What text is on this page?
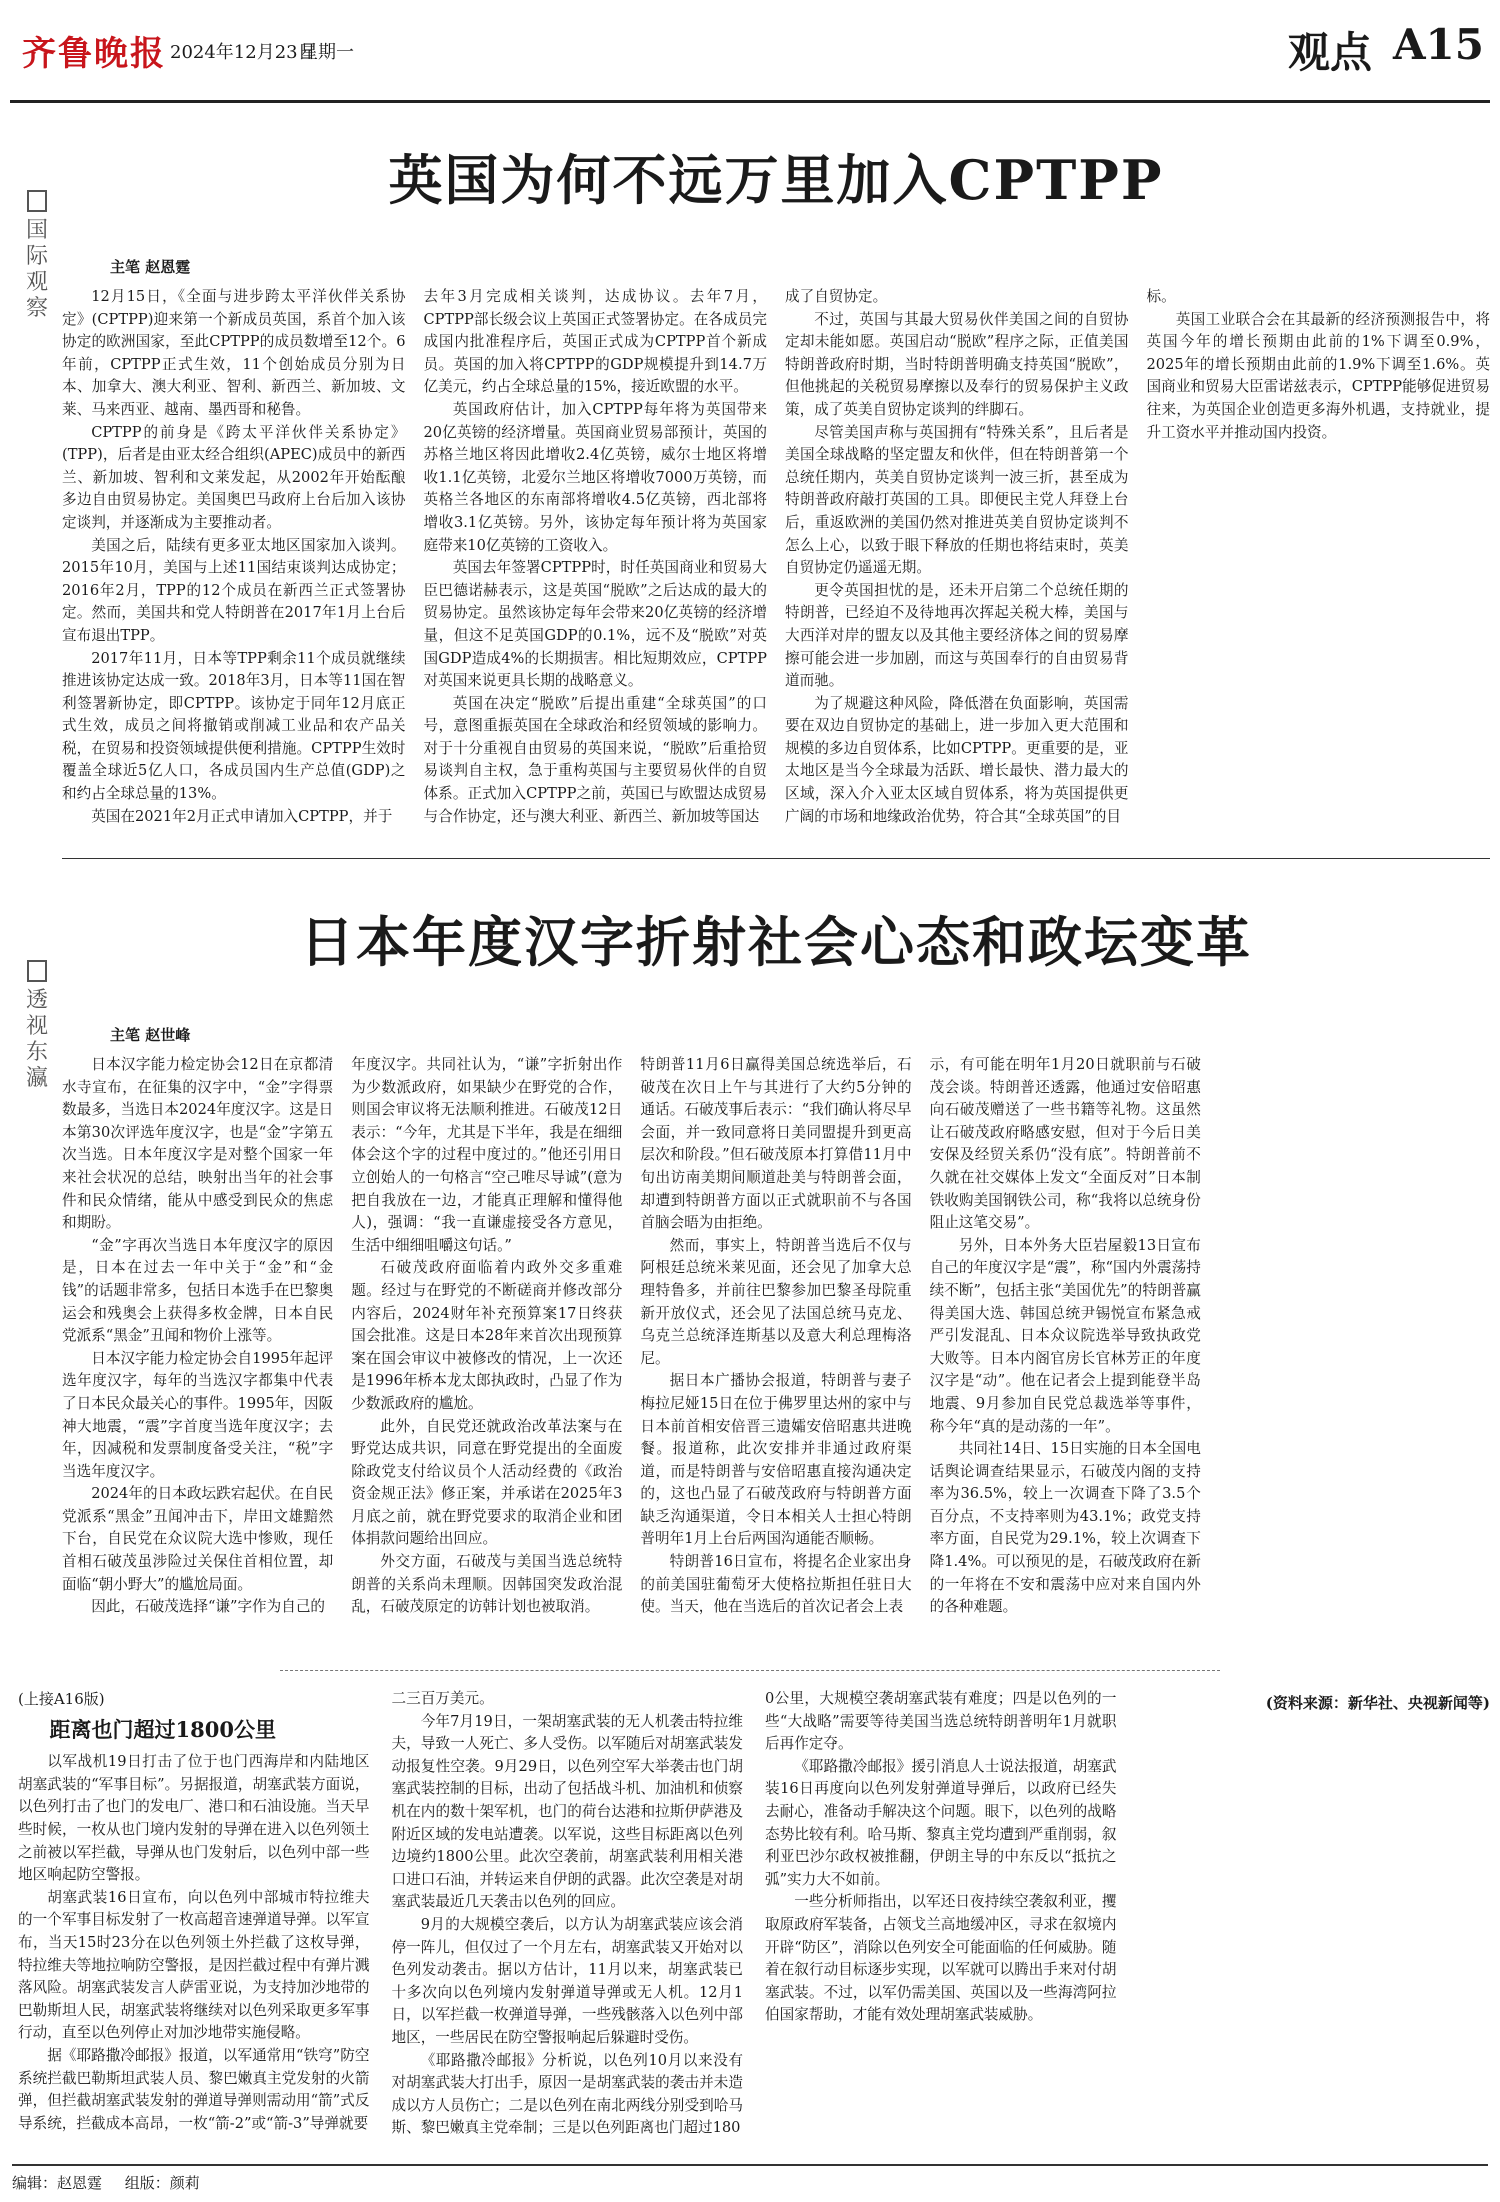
齐鲁晚报 2024年12月23日
星期一	观点 A15
国
际
观
察
英国为何不远万里加入CPTPP
主笔 赵恩霆

12月15日，《全面与进步跨太平洋伙伴关系协定》(CPTPP)迎来第一个新成员英国，系首个加入该协定的欧洲国家，至此CPTPP的成员数增至12个。6年前，CPTPP正式生效，11个创始成员分别为日本、加拿大、澳大利亚、智利、新西兰、新加坡、文莱、马来西亚、越南、墨西哥和秘鲁。

CPTPP的前身是《跨太平洋伙伴关系协定》(TPP)，后者是由亚太经合组织(APEC)成员中的新西兰、新加坡、智利和文莱发起，从2002年开始酝酿多边自由贸易协定。美国奥巴马政府上台后加入该协定谈判，并逐渐成为主要推动者。

美国之后，陆续有更多亚太地区国家加入谈判。2015年10月，美国与上述11国结束谈判达成协定；2016年2月，TPP的12个成员在新西兰正式签署协定。然而，美国共和党人特朗普在2017年1月上台后宣布退出TPP。

2017年11月，日本等TPP剩余11个成员就继续推进该协定达成一致。2018年3月，日本等11国在智利签署新协定，即CPTPP。该协定于同年12月底正式生效，成员之间将撤销或削减工业品和农产品关税，在贸易和投资领域提供便利措施。CPTPP生效时覆盖全球近5亿人口，各成员国内生产总值(GDP)之和约占全球总量的13%。

英国在2021年2月正式申请加入CPTPP，并于

去年3月完成相关谈判，达成协议。去年7月，CPTPP部长级会议上英国正式签署协定。在各成员完成国内批准程序后，英国正式成为CPTPP首个新成员。英国的加入将CPTPP的GDP规模提升到14.7万亿美元，约占全球总量的15%，接近欧盟的水平。

英国政府估计，加入CPTPP每年将为英国带来20亿英镑的经济增量。英国商业贸易部预计，英国的苏格兰地区将因此增收2.4亿英镑，威尔士地区将增收1.1亿英镑，北爱尔兰地区将增收7000万英镑，而英格兰各地区的东南部将增收4.5亿英镑，西北部将增收3.1亿英镑。另外，该协定每年预计将为英国家庭带来10亿英镑的工资收入。

英国去年签署CPTPP时，时任英国商业和贸易大臣巴德诺赫表示，这是英国“脱欧”之后达成的最大的贸易协定。虽然该协定每年会带来20亿英镑的经济增量，但这不足英国GDP的0.1%，远不及“脱欧”对英国GDP造成4%的长期损害。相比短期效应，CPTPP对英国来说更具长期的战略意义。

英国在决定“脱欧”后提出重建“全球英国”的口号，意图重振英国在全球政治和经贸领域的影响力。对于十分重视自由贸易的英国来说，“脱欧”后重拾贸易谈判自主权，急于重构英国与主要贸易伙伴的自贸体系。正式加入CPTPP之前，英国已与欧盟达成贸易与合作协定，还与澳大利亚、新西兰、新加坡等国达

成了自贸协定。

不过，英国与其最大贸易伙伴美国之间的自贸协定却未能如愿。英国启动“脱欧”程序之际，正值美国特朗普政府时期，当时特朗普明确支持英国“脱欧”，但他挑起的关税贸易摩擦以及奉行的贸易保护主义政策，成了英美自贸协定谈判的绊脚石。

尽管美国声称与英国拥有“特殊关系”，且后者是美国全球战略的坚定盟友和伙伴，但在特朗普第一个总统任期内，英美自贸协定谈判一波三折，甚至成为特朗普政府敲打英国的工具。即便民主党人拜登上台后，重返欧洲的美国仍然对推进英美自贸协定谈判不怎么上心，以致于眼下释放的任期也将结束时，英美自贸协定仍遥遥无期。

更令英国担忧的是，还未开启第二个总统任期的特朗普，已经迫不及待地再次挥起关税大棒，美国与大西洋对岸的盟友以及其他主要经济体之间的贸易摩擦可能会进一步加剧，而这与英国奉行的自由贸易背道而驰。

为了规避这种风险，降低潜在负面影响，英国需要在双边自贸协定的基础上，进一步加入更大范围和规模的多边自贸体系，比如CPTPP。更重要的是，亚太地区是当今全球最为活跃、增长最快、潜力最大的区域，深入介入亚太区域自贸体系，将为英国提供更广阔的市场和地缘政治优势，符合其“全球英国”的目

标。

英国工业联合会在其最新的经济预测报告中，将英国今年的增长预期由此前的1%下调至0.9%，2025年的增长预期由此前的1.9%下调至1.6%。英国商业和贸易大臣雷诺兹表示，CPTPP能够促进贸易往来，为英国企业创造更多海外机遇，支持就业，提升工资水平并推动国内投资。

透
视
东
瀛
日本年度汉字折射社会心态和政坛变革
主笔 赵世峰

日本汉字能力检定协会12日在京都清水寺宣布，在征集的汉字中，“金”字得票数最多，当选日本2024年度汉字。这是日本第30次评选年度汉字，也是“金”字第五次当选。日本年度汉字是对整个国家一年来社会状况的总结，映射出当年的社会事件和民众情绪，能从中感受到民众的焦虑和期盼。

“金”字再次当选日本年度汉字的原因是，日本在过去一年中关于“金”和“金钱”的话题非常多，包括日本选手在巴黎奥运会和残奥会上获得多枚金牌，日本自民党派系“黑金”丑闻和物价上涨等。

日本汉字能力检定协会自1995年起评选年度汉字，每年的当选汉字都集中代表了日本民众最关心的事件。1995年，因阪神大地震，“震”字首度当选年度汉字；去年，因减税和发票制度备受关注，“税”字当选年度汉字。

2024年的日本政坛跌宕起伏。在自民党派系“黑金”丑闻冲击下，岸田文雄黯然下台，自民党在众议院大选中惨败，现任首相石破茂虽涉险过关保住首相位置，却面临“朝小野大”的尴尬局面。

因此，石破茂选择“谦”字作为自己的

年度汉字。共同社认为，“谦”字折射出作为少数派政府，如果缺少在野党的合作，则国会审议将无法顺利推进。石破茂12日表示：“今年，尤其是下半年，我是在细细体会这个字的过程中度过的。”他还引用日立创始人的一句格言“空己唯尽导诚”(意为把自我放在一边，才能真正理解和懂得他人)，强调：“我一直谦虚接受各方意见，生活中细细咀嚼这句话。”

石破茂政府面临着内政外交多重难题。经过与在野党的不断磋商并修改部分内容后，2024财年补充预算案17日终获国会批准。这是日本28年来首次出现预算案在国会审议中被修改的情况，上一次还是1996年桥本龙太郎执政时，凸显了作为少数派政府的尴尬。

此外，自民党还就政治改革法案与在野党达成共识，同意在野党提出的全面废除政党支付给议员个人活动经费的《政治资金规正法》修正案，并承诺在2025年3月底之前，就在野党要求的取消企业和团体捐款问题给出回应。

外交方面，石破茂与美国当选总统特朗普的关系尚未理顺。因韩国突发政治混乱，石破茂原定的访韩计划也被取消。

特朗普11月6日赢得美国总统选举后，石破茂在次日上午与其进行了大约5分钟的通话。石破茂事后表示：“我们确认将尽早会面，并一致同意将日美同盟提升到更高层次和阶段。”但石破茂原本打算借11月中旬出访南美期间顺道赴美与特朗普会面，却遭到特朗普方面以正式就职前不与各国首脑会晤为由拒绝。

然而，事实上，特朗普当选后不仅与阿根廷总统米莱见面，还会见了加拿大总理特鲁多，并前往巴黎参加巴黎圣母院重新开放仪式，还会见了法国总统马克龙、乌克兰总统泽连斯基以及意大利总理梅洛尼。

据日本广播协会报道，特朗普与妻子梅拉尼娅15日在位于佛罗里达州的家中与日本前首相安倍晋三遗孀安倍昭惠共进晚餐。报道称，此次安排并非通过政府渠道，而是特朗普与安倍昭惠直接沟通决定的，这也凸显了石破茂政府与特朗普方面缺乏沟通渠道，令日本相关人士担心特朗普明年1月上台后两国沟通能否顺畅。

特朗普16日宣布，将提名企业家出身的前美国驻葡萄牙大使格拉斯担任驻日大使。当天，他在当选后的首次记者会上表

示，有可能在明年1月20日就职前与石破茂会谈。特朗普还透露，他通过安倍昭惠向石破茂赠送了一些书籍等礼物。这虽然让石破茂政府略感安慰，但对于今后日美安保及经贸关系仍“没有底”。特朗普前不久就在社交媒体上发文“全面反对”日本制铁收购美国钢铁公司，称“我将以总统身份阻止这笔交易”。

另外，日本外务大臣岩屋毅13日宣布自己的年度汉字是“震”，称“国内外震荡持续不断”，包括主张“美国优先”的特朗普赢得美国大选、韩国总统尹锡悦宣布紧急戒严引发混乱、日本众议院选举导致执政党大败等。日本内阁官房长官林芳正的年度汉字是“动”。他在记者会上提到能登半岛地震、9月参加自民党总裁选举等事件，称今年“真的是动荡的一年”。

共同社14日、15日实施的日本全国电话舆论调查结果显示，石破茂内阁的支持率为36.5%，较上一次调查下降了3.5个百分点，不支持率则为43.1%；政党支持率方面，自民党为29.1%，较上次调查下降1.4%。可以预见的是，石破茂政府在新的一年将在不安和震荡中应对来自国内外的各种难题。

(上接A16版)
距离也门超过1800公里

以军战机19日打击了位于也门西海岸和内陆地区胡塞武装的“军事目标”。另据报道，胡塞武装方面说，以色列打击了也门的发电厂、港口和石油设施。当天早些时候，一枚从也门境内发射的导弹在进入以色列领土之前被以军拦截，导弹从也门发射后，以色列中部一些地区响起防空警报。

胡塞武装16日宣布，向以色列中部城市特拉维夫的一个军事目标发射了一枚高超音速弹道导弹。以军宣布，当天15时23分在以色列领土外拦截了这枚导弹，特拉维夫等地拉响防空警报，是因拦截过程中有弹片溅落风险。胡塞武装发言人萨雷亚说，为支持加沙地带的巴勒斯坦人民，胡塞武装将继续对以色列采取更多军事行动，直至以色列停止对加沙地带实施侵略。

据《耶路撒冷邮报》报道，以军通常用“铁穹”防空系统拦截巴勒斯坦武装人员、黎巴嫩真主党发射的火箭弹，但拦截胡塞武装发射的弹道导弹则需动用“箭”式反导系统，拦截成本高昂，一枚“箭-2”或“箭-3”导弹就要

二三百万美元。

今年7月19日，一架胡塞武装的无人机袭击特拉维夫，导致一人死亡、多人受伤。以军随后对胡塞武装发动报复性空袭。9月29日，以色列空军大举袭击也门胡塞武装控制的目标，出动了包括战斗机、加油机和侦察机在内的数十架军机，也门的荷台达港和拉斯伊萨港及附近区域的发电站遭袭。以军说，这些目标距离以色列边境约1800公里。此次空袭前，胡塞武装利用相关港口进口石油，并转运来自伊朗的武器。此次空袭是对胡塞武装最近几天袭击以色列的回应。

9月的大规模空袭后，以方认为胡塞武装应该会消停一阵儿，但仅过了一个月左右，胡塞武装又开始对以色列发动袭击。据以方估计，11月以来，胡塞武装已十多次向以色列境内发射弹道导弹或无人机。12月1日，以军拦截一枚弹道导弹，一些残骸落入以色列中部地区，一些居民在防空警报响起后躲避时受伤。

《耶路撒冷邮报》分析说，以色列10月以来没有对胡塞武装大打出手，原因一是胡塞武装的袭击并未造成以方人员伤亡；二是以色列在南北两线分别受到哈马斯、黎巴嫩真主党牵制；三是以色列距离也门超过180

0公里，大规模空袭胡塞武装有难度；四是以色列的一些“大战略”需要等待美国当选总统特朗普明年1月就职后再作定夺。

《耶路撒冷邮报》援引消息人士说法报道，胡塞武装16日再度向以色列发射弹道导弹后，以政府已经失去耐心，准备动手解决这个问题。眼下，以色列的战略态势比较有利。哈马斯、黎真主党均遭到严重削弱，叙利亚巴沙尔政权被推翻，伊朗主导的中东反以“抵抗之弧”实力大不如前。

一些分析师指出，以军还日夜持续空袭叙利亚，攫取原政府军装备，占领戈兰高地缓冲区，寻求在叙境内开辟“防区”，消除以色列安全可能面临的任何威胁。随着在叙行动目标逐步实现，以军就可以腾出手来对付胡塞武装。不过，以军仍需美国、英国以及一些海湾阿拉伯国家帮助，才能有效处理胡塞武装威胁。

(资料来源：新华社、央视新闻等)
编辑：赵恩霆 组版：颜莉
